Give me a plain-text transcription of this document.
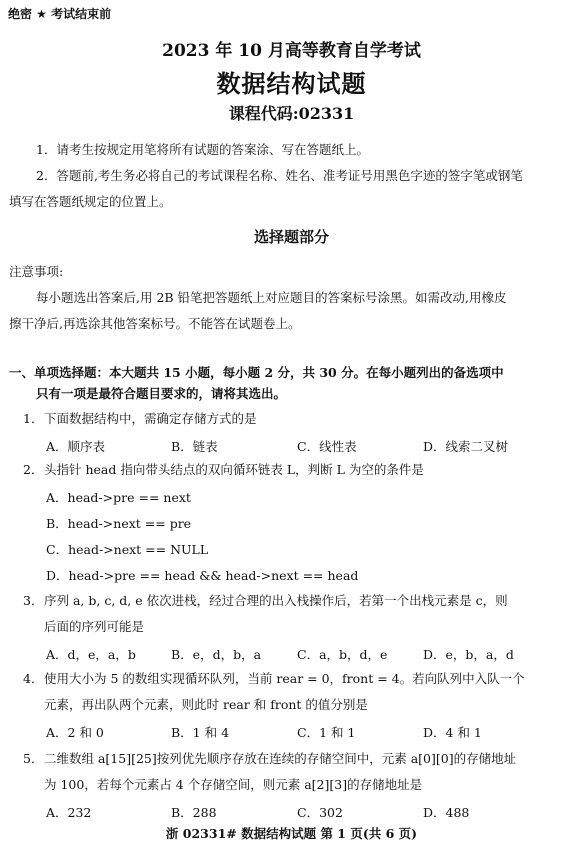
绝密 ★ 考试结束前
2023 年 10 月高等教育自学考试
数据结构试题
课程代码:02331
1．请考生按规定用笔将所有试题的答案涂、写在答题纸上。
2．答题前,考生务必将自己的考试课程名称、姓名、准考证号用黑色字迹的签字笔或钢笔
填写在答题纸规定的位置上。
选择题部分
注意事项:
每小题选出答案后,用 2B 铅笔把答题纸上对应题目的答案标号涂黑。如需改动,用橡皮
擦干净后,再选涂其他答案标号。不能答在试题卷上。
一、单项选择题：本大题共 15 小题，每小题 2 分，共 30 分。在每小题列出的备选项中
只有一项是最符合题目要求的，请将其选出。
1． 下面数据结构中，需确定存储方式的是
A．顺序表	B．链表	C．线性表	D．线索二叉树
2． 头指针 head 指向带头结点的双向循环链表 L，判断 L 为空的条件是
A．head->pre == next
B．head->next == pre
C．head->next == NULL
D．head->pre == head && head->next == head
3． 序列 a, b, c, d, e 依次进栈，经过合理的出入栈操作后，若第一个出栈元素是 c，则
后面的序列可能是
A．d，e，a，b	B．e，d，b，a	C．a，b，d，e	D．e，b，a，d
4． 使用大小为 5 的数组实现循环队列，当前 rear = 0，front = 4。若向队列中入队一个
元素，再出队两个元素，则此时 rear 和 front 的值分别是
A．2 和 0	B．1 和 4	C．1 和 1	D．4 和 1
5． 二维数组 a[15][25]按列优先顺序存放在连续的存储空间中，元素 a[0][0]的存储地址
为 100，若每个元素占 4 个存储空间，则元素 a[2][3]的存储地址是
A．232	B．288	C．302	D．488
浙 02331# 数据结构试题 第 1 页(共 6 页)
